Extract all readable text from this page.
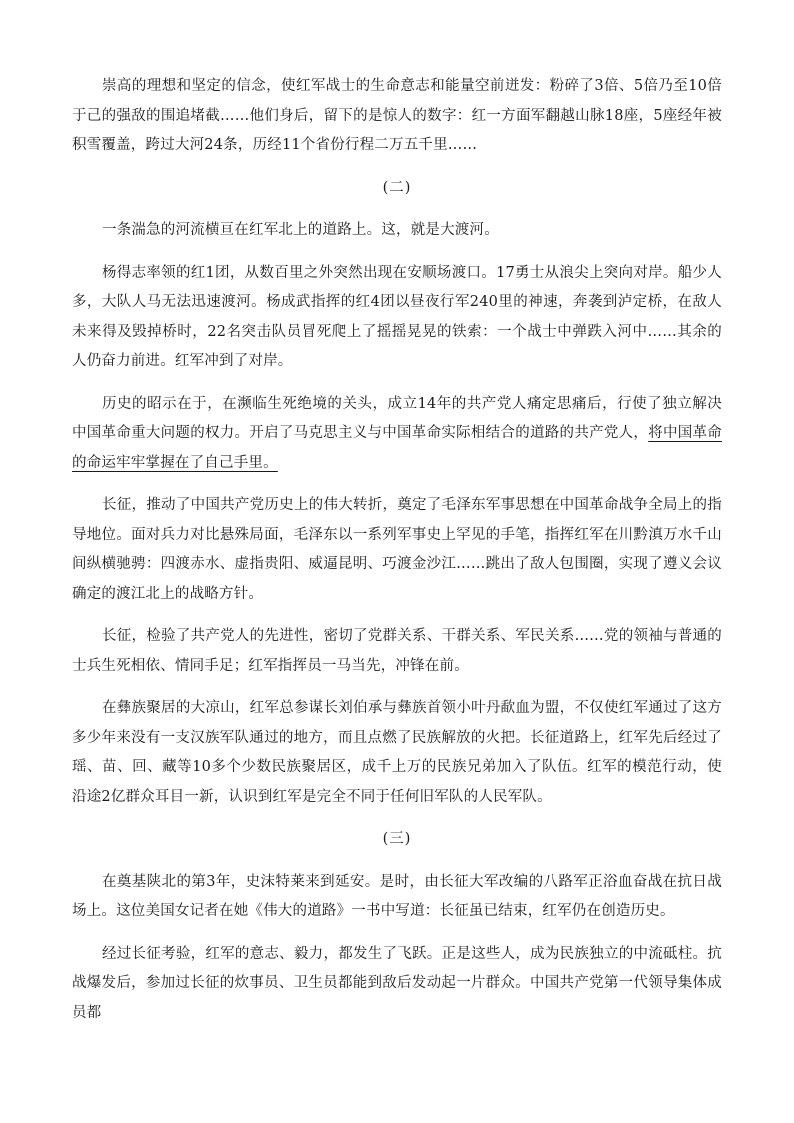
崇高的理想和坚定的信念，使红军战士的生命意志和能量空前迸发：粉碎了3倍、5倍乃至10倍于己的强敌的围追堵截……他们身后，留下的是惊人的数字：红一方面军翻越山脉18座，5座经年被积雪覆盖，跨过大河24条，历经11个省份行程二万五千里……

(二)

一条湍急的河流横亘在红军北上的道路上。这，就是大渡河。

杨得志率领的红1团，从数百里之外突然出现在安顺场渡口。17勇士从浪尖上突向对岸。船少人多，大队人马无法迅速渡河。杨成武指挥的红4团以昼夜行军240里的神速，奔袭到泸定桥，在敌人未来得及毁掉桥时，22名突击队员冒死爬上了摇摇晃晃的铁索：一个战士中弹跌入河中……其余的人仍奋力前进。红军冲到了对岸。

历史的昭示在于，在濒临生死绝境的关头，成立14年的共产党人痛定思痛后，行使了独立解决中国革命重大问题的权力。开启了马克思主义与中国革命实际相结合的道路的共产党人，将中国革命的命运牢牢掌握在了自己手里。

长征，推动了中国共产党历史上的伟大转折，奠定了毛泽东军事思想在中国革命战争全局上的指导地位。面对兵力对比悬殊局面，毛泽东以一系列军事史上罕见的手笔，指挥红军在川黔滇万水千山间纵横驰骋：四渡赤水、虚指贵阳、威逼昆明、巧渡金沙江……跳出了敌人包围圈，实现了遵义会议确定的渡江北上的战略方针。

长征，检验了共产党人的先进性，密切了党群关系、干群关系、军民关系……党的领袖与普通的士兵生死相依、情同手足；红军指挥员一马当先，冲锋在前。

在彝族聚居的大凉山，红军总参谋长刘伯承与彝族首领小叶丹歃血为盟，不仅使红军通过了这方多少年来没有一支汉族军队通过的地方，而且点燃了民族解放的火把。长征道路上，红军先后经过了瑶、苗、回、藏等10多个少数民族聚居区，成千上万的民族兄弟加入了队伍。红军的模范行动，使沿途2亿群众耳目一新，认识到红军是完全不同于任何旧军队的人民军队。

(三)

在奠基陕北的第3年，史沫特莱来到延安。是时，由长征大军改编的八路军正浴血奋战在抗日战场上。这位美国女记者在她《伟大的道路》一书中写道：长征虽已结束，红军仍在创造历史。

经过长征考验，红军的意志、毅力，都发生了飞跃。正是这些人，成为民族独立的中流砥柱。抗战爆发后，参加过长征的炊事员、卫生员都能到敌后发动起一片群众。中国共产党第一代领导集体成员都
